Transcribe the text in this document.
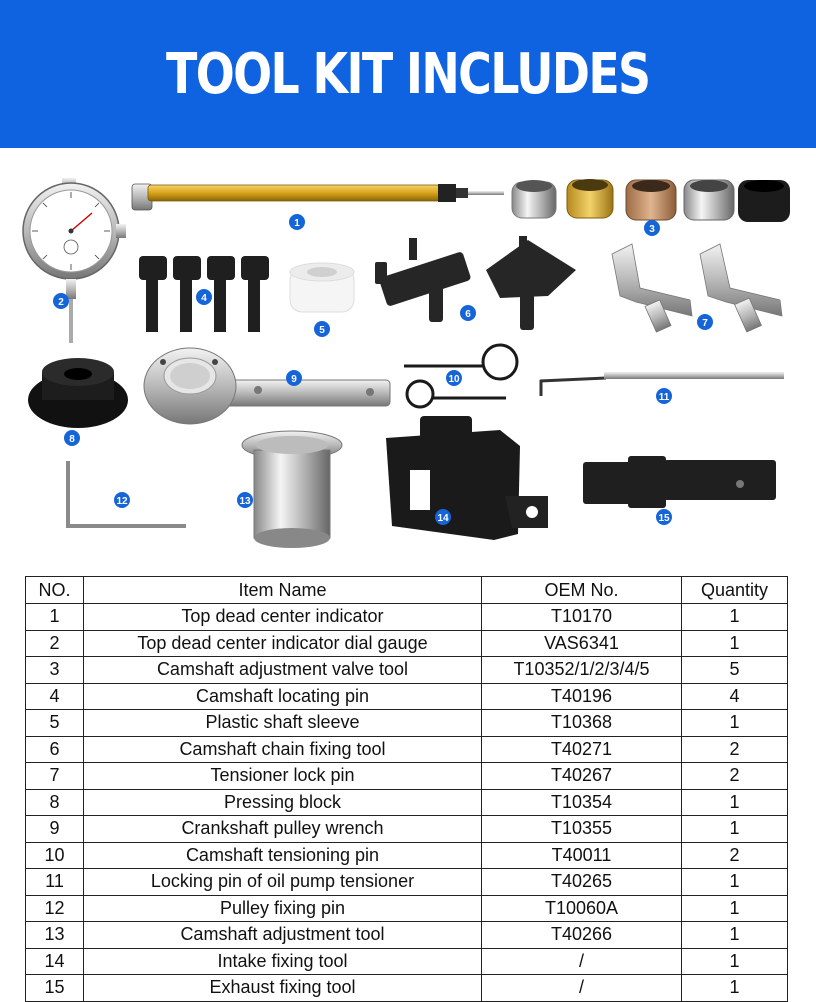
TOOL KIT INCLUDES
1
2
3
4
5
6
7
8
9	10
11
12	13
14	15
NO.	Item Name	OEM No.	Quantity
1	Top dead center indicator	T10170	1
2	Top dead center indicator dial gauge	VAS6341	1
3	Camshaft adjustment valve tool	T10352/1/2/3/4/5	5
4	Camshaft locating pin	T40196	4
5	Plastic shaft sleeve	T10368	1
6	Camshaft chain fixing tool	T40271	2
7	Tensioner lock pin	T40267	2
8	Pressing block	T10354	1
9	Crankshaft pulley wrench	T10355	1
10	Camshaft tensioning pin	T40011	2
11	Locking pin of oil pump tensioner	T40265	1
12	Pulley fixing pin	T10060A	1
13	Camshaft adjustment tool	T40266	1
14	Intake fixing tool	/	1
15	Exhaust fixing tool	/	1
